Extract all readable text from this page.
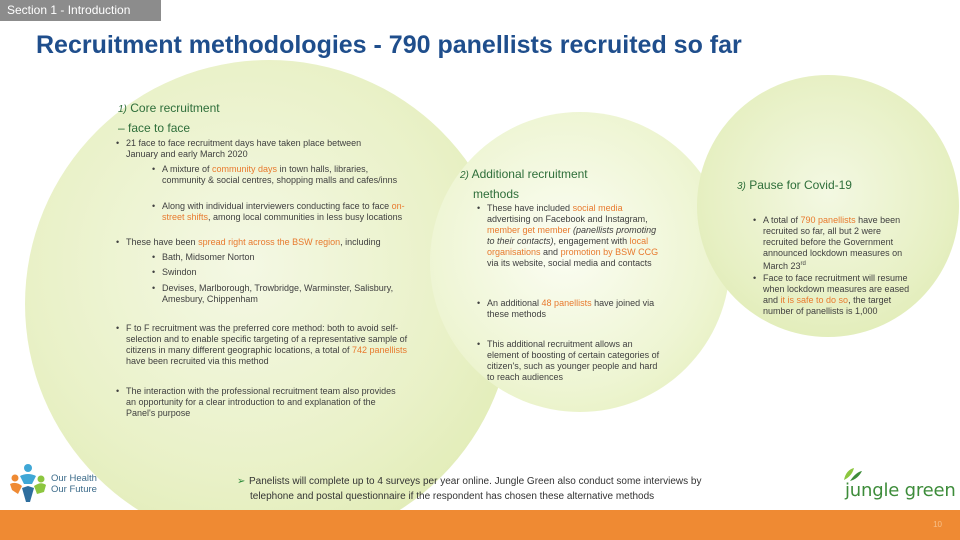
Section 1 - Introduction
Recruitment methodologies - 790 panellists recruited so far
1) Core recruitment
– face to face
• 21 face to face recruitment days have taken place between
January and early March 2020
• A mixture of community days in town halls, libraries, community & social centres, shopping malls and cafes/inns
• Along with individual interviewers conducting face to face on-street shifts, among local communities in less busy locations
• These have been spread right across the BSW region, including
• Bath, Midsomer Norton
• Swindon
• Devises, Marlborough, Trowbridge, Warminster, Salisbury, Amesbury, Chippenham
• F to F recruitment was the preferred core method: both to avoid self-selection and to enable specific targeting of a representative sample of citizens in many different geographic locations, a total of 742 panellists have been recruited via this method
• The interaction with the professional recruitment team also provides an opportunity for a clear introduction to and explanation of the Panel's purpose
2) Additional recruitment
methods
• These have included social media advertising on Facebook and Instagram, member get member (panellists promoting to their contacts), engagement with local organisations and promotion by BSW CCG via its website, social media and contacts
• An additional 48 panellists have joined via these methods
• This additional recruitment allows an element of boosting of certain categories of citizen's, such as younger people and hard to reach audiences
3) Pause for Covid-19
• A total of 790 panellists have been recruited so far, all but 2 were recruited before the Government announced lockdown measures on March 23rd
• Face to face recruitment will resume when lockdown measures are eased and it is safe to do so, the target number of panellists is 1,000
➢ Panelists will complete up to 4 surveys per year online. Jungle Green also conduct some interviews by
telephone and postal questionnaire if the respondent has chosen these alternative methods
Our Health
Our Future	jungle green
10
